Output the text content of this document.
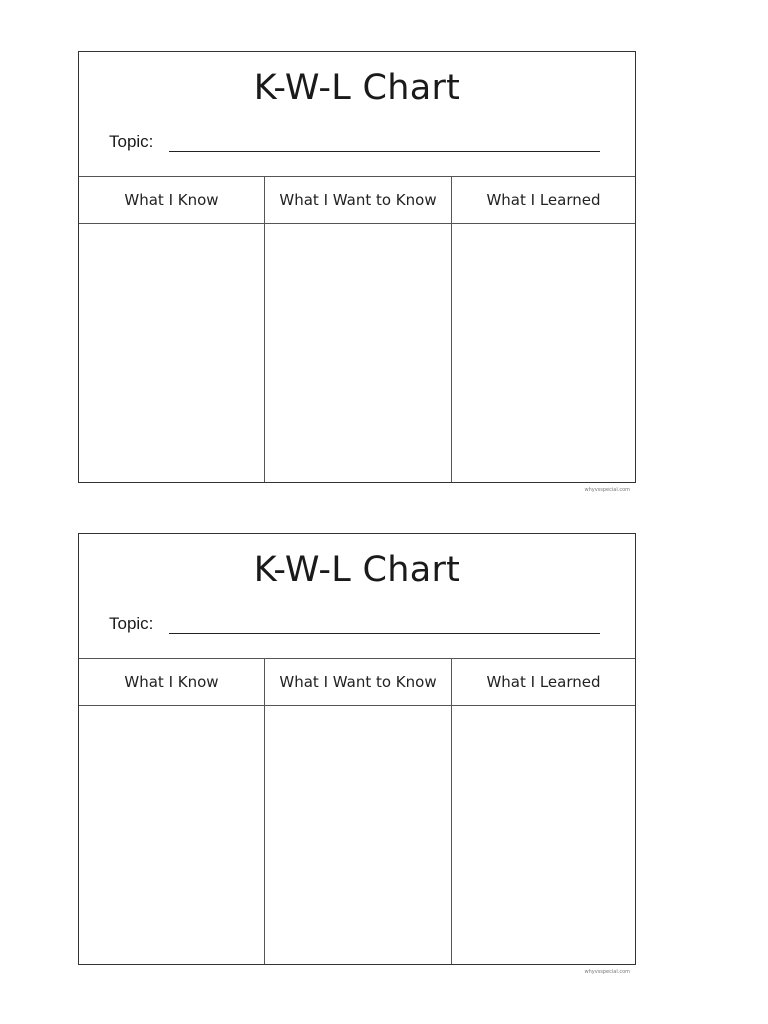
K-W-L Chart
Topic:
What I Know	What I Want to Know	What I Learned
whyvsspecial.com
K-W-L Chart
Topic:
What I Know	What I Want to Know	What I Learned
whyvsspecial.com
